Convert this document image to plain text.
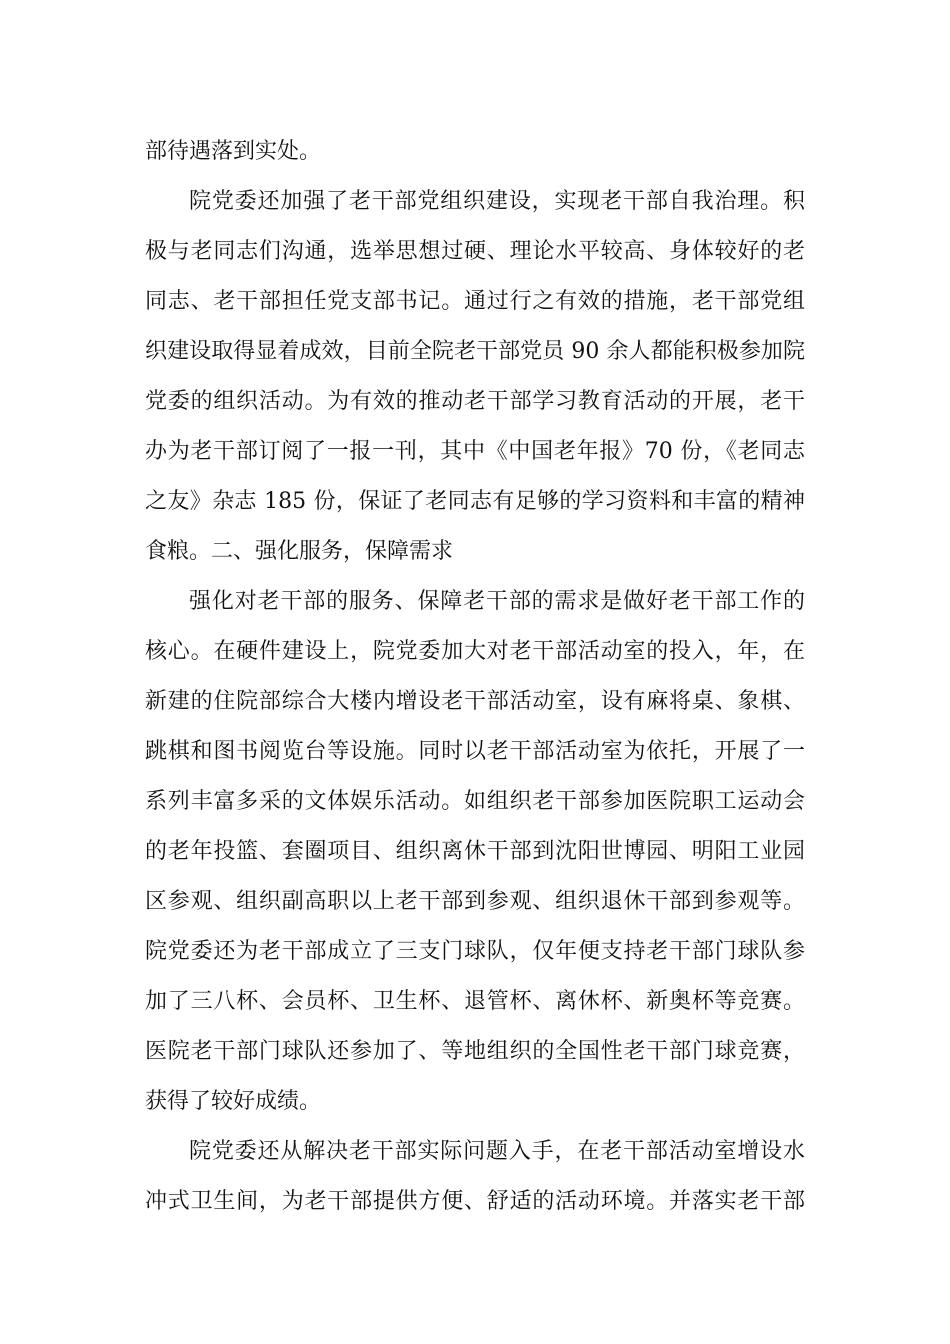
部待遇落到实处。
院党委还加强了老干部党组织建设，实现老干部自我治理。积
极与老同志们沟通，选举思想过硬、理论水平较高、身体较好的老
同志、老干部担任党支部书记。通过行之有效的措施，老干部党组
织建设取得显着成效，目前全院老干部党员 90 余人都能积极参加院
党委的组织活动。为有效的推动老干部学习教育活动的开展，老干
办为老干部订阅了一报一刊，其中《中国老年报》70 份，《老同志
之友》杂志 185 份，保证了老同志有足够的学习资料和丰富的精神
食粮。二、强化服务，保障需求
强化对老干部的服务、保障老干部的需求是做好老干部工作的
核心。在硬件建设上，院党委加大对老干部活动室的投入，年，在
新建的住院部综合大楼内增设老干部活动室，设有麻将桌、象棋、
跳棋和图书阅览台等设施。同时以老干部活动室为依托，开展了一
系列丰富多采的文体娱乐活动。如组织老干部参加医院职工运动会
的老年投篮、套圈项目、组织离休干部到沈阳世博园、明阳工业园
区参观、组织副高职以上老干部到参观、组织退休干部到参观等。
院党委还为老干部成立了三支门球队，仅年便支持老干部门球队参
加了三八杯、会员杯、卫生杯、退管杯、离休杯、新奥杯等竞赛。
医院老干部门球队还参加了、等地组织的全国性老干部门球竞赛，
获得了较好成绩。
院党委还从解决老干部实际问题入手，在老干部活动室增设水
冲式卫生间，为老干部提供方便、舒适的活动环境。并落实老干部
